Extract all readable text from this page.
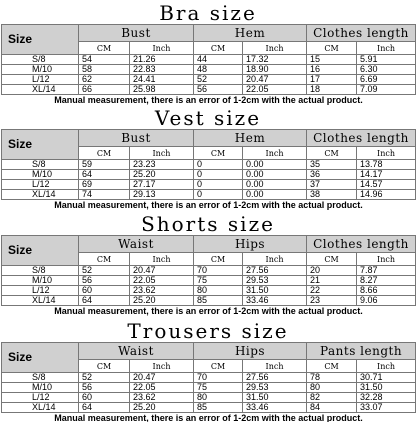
Bra size
Size	Bust		Hem		Clothes length	
	CM	Inch	CM	Inch	CM	Inch
S/8	54	21.26	44	17.32	15	5.91
M/10	58	22.83	48	18.90	16	6.30
L/12	62	24.41	52	20.47	17	6.69
XL/14	66	25.98	56	22.05	18	7.09
Manual measurement, there is an error of 1-2cm with the actual product.						
Vest size
Size	Bust		Hem		Clothes length	
	CM	Inch	CM	Inch	CM	Inch
S/8	59	23.23	0	0.00	35	13.78
M/10	64	25.20	0	0.00	36	14.17
L/12	69	27.17	0	0.00	37	14.57
XL/14	74	29.13	0	0.00	38	14.96
Manual measurement, there is an error of 1-2cm with the actual product.						
Shorts size
Size	Waist		Hips		Clothes length	
	CM	Inch	CM	Inch	CM	Inch
S/8	52	20.47	70	27.56	20	7.87
M/10	56	22.05	75	29.53	21	8.27
L/12	60	23.62	80	31.50	22	8.66
XL/14	64	25.20	85	33.46	23	9.06
Manual measurement, there is an error of 1-2cm with the actual product.						
Trousers size
Size	Waist		Hips		Pants length	
	CM	Inch	CM	Inch	CM	Inch
S/8	52	20.47	70	27.56	78	30.71
M/10	56	22.05	75	29.53	80	31.50
L/12	60	23.62	80	31.50	82	32.28
XL/14	64	25.20	85	33.46	84	33.07
Manual measurement, there is an error of 1-2cm with the actual product.						
